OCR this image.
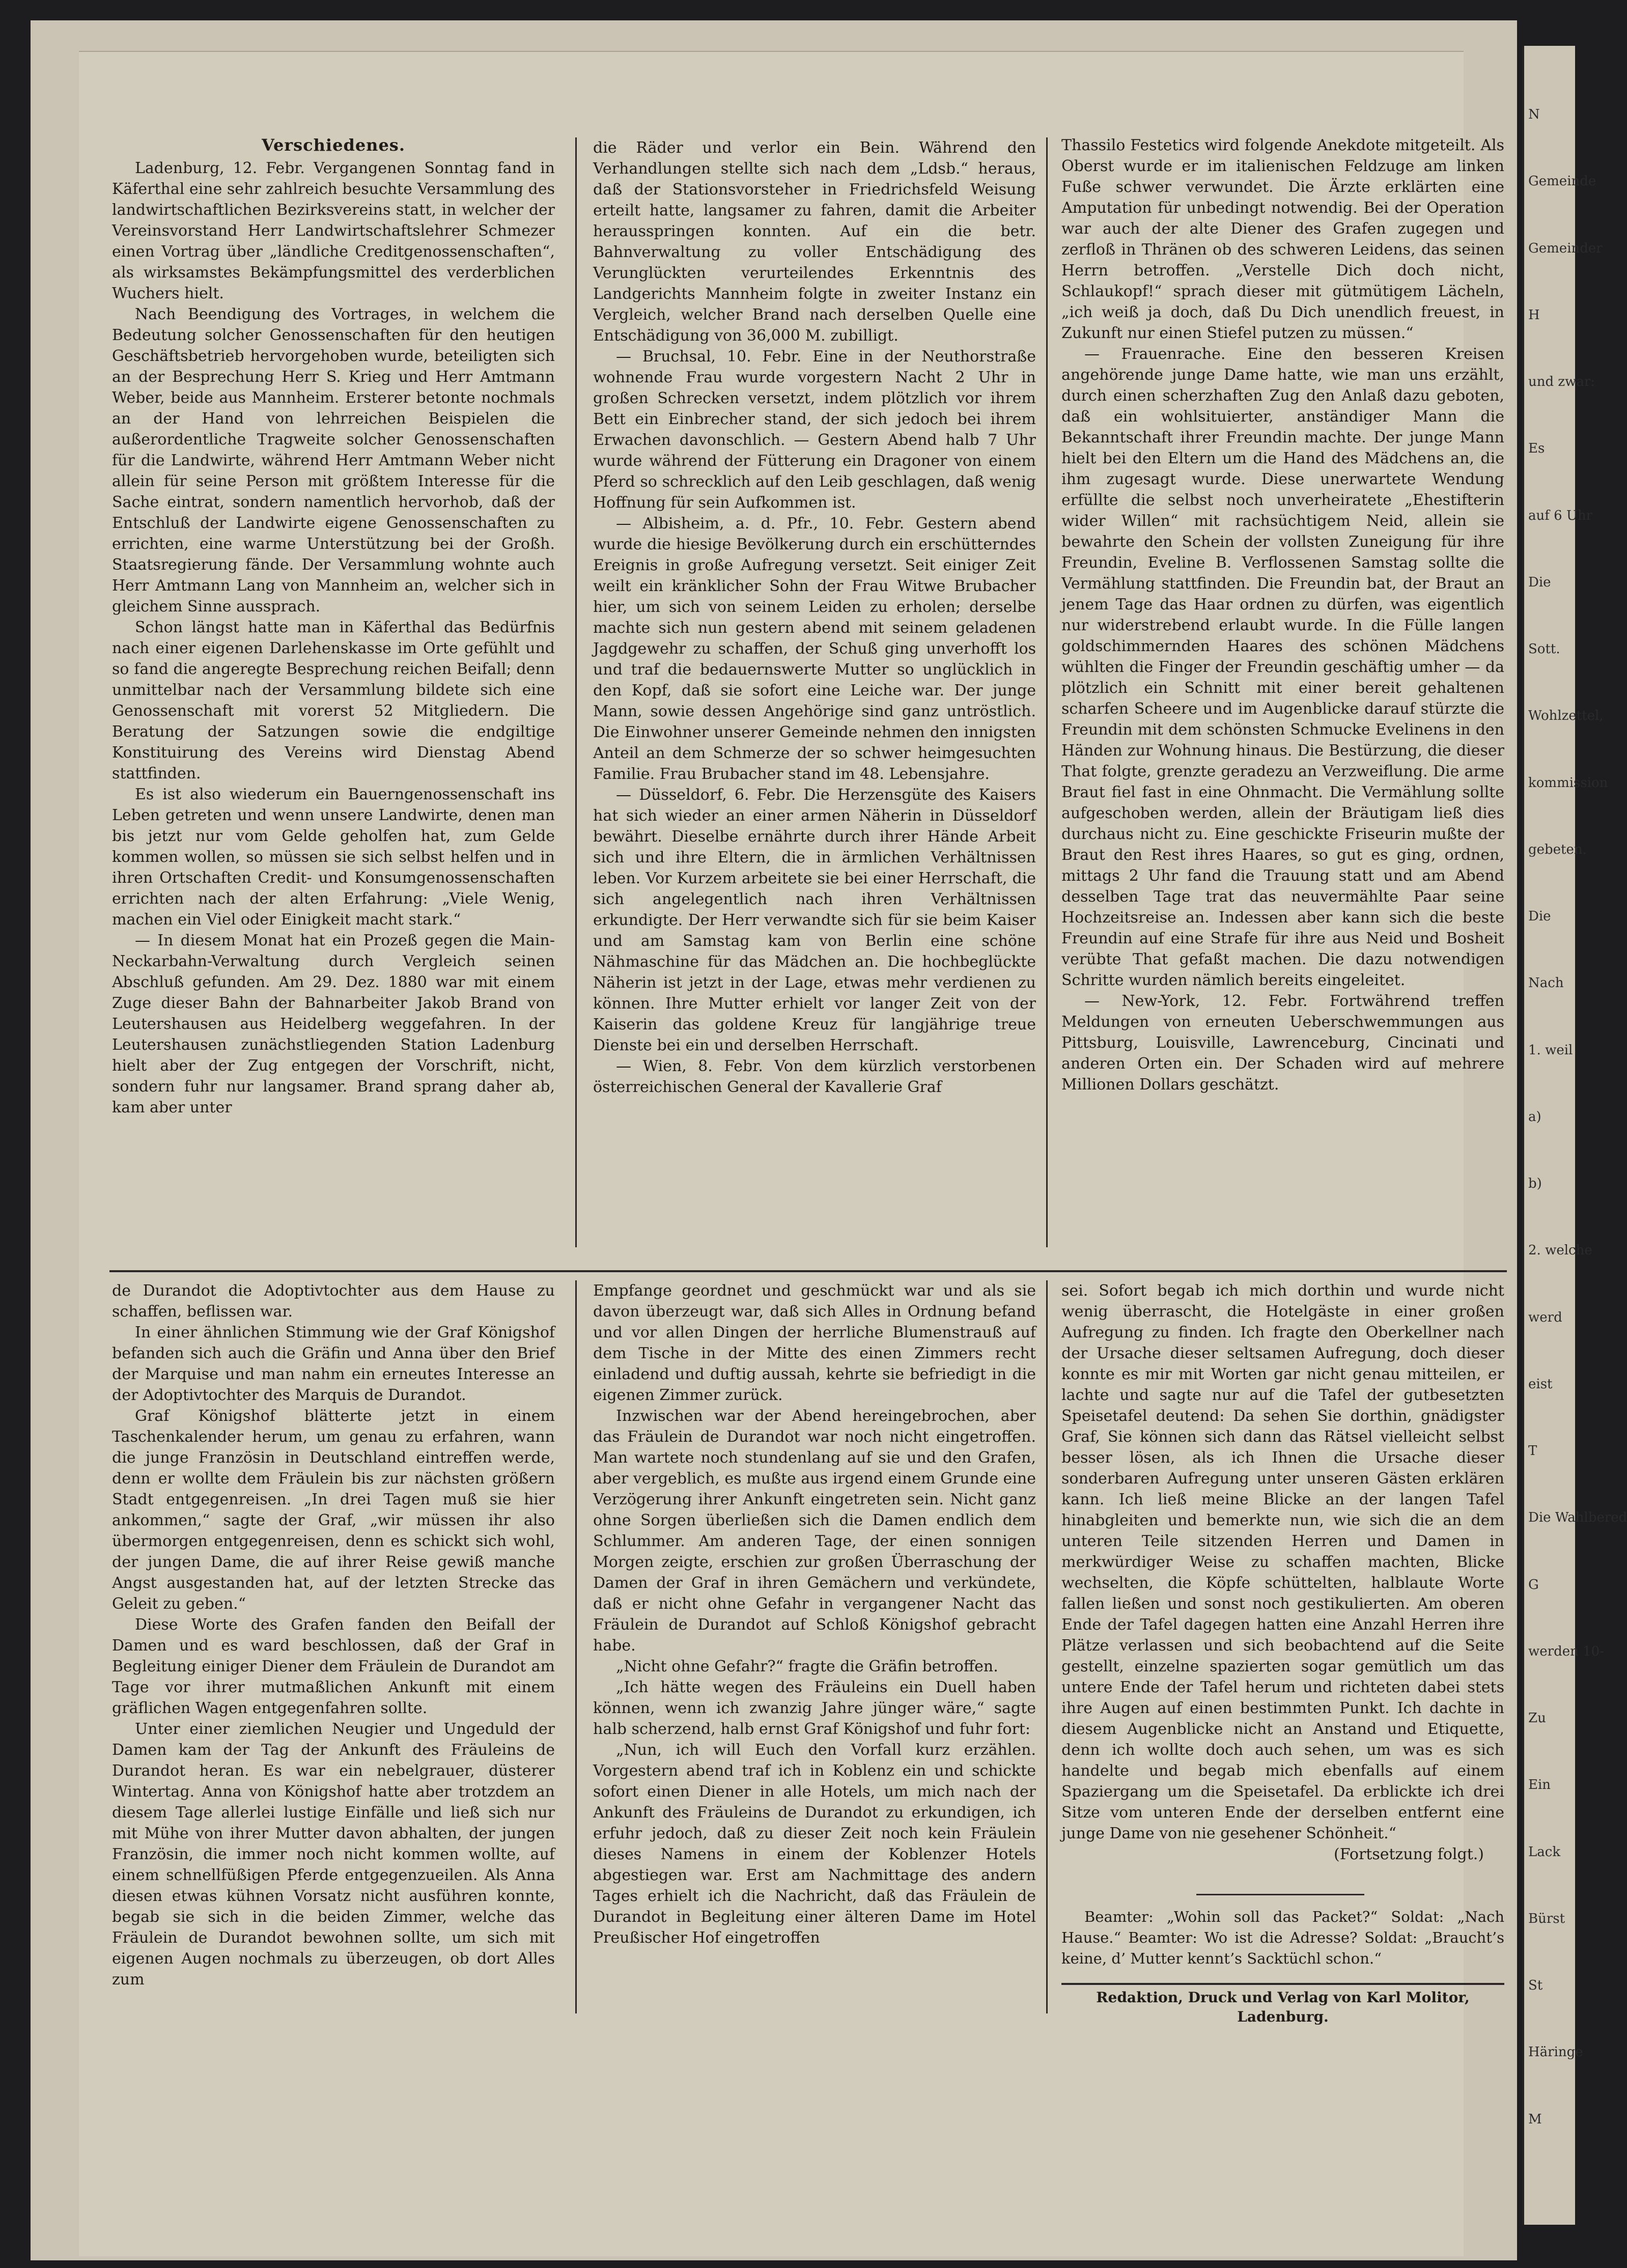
N
Gemeinde
Gemeinder
H
und zwar:
Es
auf 6 Uhr
Die
Sott.
Wohlzettel,
kommission
gebeten.
Die
Nach
1. weil
a)
b)
2. welche
werd
eist
T
Die Wahlbered
G
werden 10-
Zu
Ein
Lack
Bürst
St
Häringe
M
Verschiedenes.

Ladenburg, 12. Febr. Vergangenen Sonntag fand in Käferthal eine sehr zahlreich besuchte Versammlung des landwirtschaftlichen Bezirksvereins statt, in welcher der Vereinsvorstand Herr Landwirtschaftslehrer Schmezer einen Vortrag über „ländliche Creditgenossenschaften“, als wirksamstes Bekämpfungsmittel des verderblichen Wuchers hielt.

Nach Beendigung des Vortrages, in welchem die Bedeutung solcher Genossenschaften für den heutigen Geschäftsbetrieb hervorgehoben wurde, beteiligten sich an der Besprechung Herr S. Krieg und Herr Amtmann Weber, beide aus Mannheim. Ersterer betonte nochmals an der Hand von lehrreichen Beispielen die außerordentliche Tragweite solcher Genossenschaften für die Landwirte, während Herr Amtmann Weber nicht allein für seine Person mit größtem Interesse für die Sache eintrat, sondern namentlich hervorhob, daß der Entschluß der Landwirte eigene Genossenschaften zu errichten, eine warme Unterstützung bei der Großh. Staatsregierung fände. Der Versammlung wohnte auch Herr Amtmann Lang von Mannheim an, welcher sich in gleichem Sinne aussprach.

Schon längst hatte man in Käferthal das Bedürfnis nach einer eigenen Darlehenskasse im Orte gefühlt und so fand die angeregte Besprechung reichen Beifall; denn unmittelbar nach der Versammlung bildete sich eine Genossenschaft mit vorerst 52 Mitgliedern. Die Beratung der Satzungen sowie die endgiltige Konstituirung des Vereins wird Dienstag Abend stattfinden.

Es ist also wiederum ein Bauerngenossenschaft ins Leben getreten und wenn unsere Landwirte, denen man bis jetzt nur vom Gelde geholfen hat, zum Gelde kommen wollen, so müssen sie sich selbst helfen und in ihren Ortschaften Credit- und Konsumgenossenschaften errichten nach der alten Erfahrung: „Viele Wenig, machen ein Viel oder Einigkeit macht stark.“

— In diesem Monat hat ein Prozeß gegen die Main-Neckarbahn-Verwaltung durch Vergleich seinen Abschluß gefunden. Am 29. Dez. 1880 war mit einem Zuge dieser Bahn der Bahnarbeiter Jakob Brand von Leutershausen aus Heidelberg weggefahren. In der Leutershausen zunächstliegenden Station Ladenburg hielt aber der Zug entgegen der Vorschrift, nicht, sondern fuhr nur langsamer. Brand sprang daher ab, kam aber unter

die Räder und verlor ein Bein. Während den Verhandlungen stellte sich nach dem „Ldsb.“ heraus, daß der Stationsvorsteher in Friedrichsfeld Weisung erteilt hatte, langsamer zu fahren, damit die Arbeiter herausspringen konnten. Auf ein die betr. Bahnverwaltung zu voller Entschädigung des Verunglückten verurteilendes Erkenntnis des Landgerichts Mannheim folgte in zweiter Instanz ein Vergleich, welcher Brand nach derselben Quelle eine Entschädigung von 36,000 M. zubilligt.

— Bruchsal, 10. Febr. Eine in der Neuthorstraße wohnende Frau wurde vorgestern Nacht 2 Uhr in großen Schrecken versetzt, indem plötzlich vor ihrem Bett ein Einbrecher stand, der sich jedoch bei ihrem Erwachen davonschlich. — Gestern Abend halb 7 Uhr wurde während der Fütterung ein Dragoner von einem Pferd so schrecklich auf den Leib geschlagen, daß wenig Hoffnung für sein Aufkommen ist.

— Albisheim, a. d. Pfr., 10. Febr. Gestern abend wurde die hiesige Bevölkerung durch ein erschütterndes Ereignis in große Aufregung versetzt. Seit einiger Zeit weilt ein kränklicher Sohn der Frau Witwe Brubacher hier, um sich von seinem Leiden zu erholen; derselbe machte sich nun gestern abend mit seinem geladenen Jagdgewehr zu schaffen, der Schuß ging unverhofft los und traf die bedauernswerte Mutter so unglücklich in den Kopf, daß sie sofort eine Leiche war. Der junge Mann, sowie dessen Angehörige sind ganz untröstlich. Die Einwohner unserer Gemeinde nehmen den innigsten Anteil an dem Schmerze der so schwer heimgesuchten Familie. Frau Brubacher stand im 48. Lebensjahre.

— Düsseldorf, 6. Febr. Die Herzensgüte des Kaisers hat sich wieder an einer armen Näherin in Düsseldorf bewährt. Dieselbe ernährte durch ihrer Hände Arbeit sich und ihre Eltern, die in ärmlichen Verhältnissen leben. Vor Kurzem arbeitete sie bei einer Herrschaft, die sich angelegentlich nach ihren Verhältnissen erkundigte. Der Herr verwandte sich für sie beim Kaiser und am Samstag kam von Berlin eine schöne Nähmaschine für das Mädchen an. Die hochbeglückte Näherin ist jetzt in der Lage, etwas mehr verdienen zu können. Ihre Mutter erhielt vor langer Zeit von der Kaiserin das goldene Kreuz für langjährige treue Dienste bei ein und derselben Herrschaft.

— Wien, 8. Febr. Von dem kürzlich verstorbenen österreichischen General der Kavallerie Graf

Thassilo Festetics wird folgende Anekdote mitgeteilt. Als Oberst wurde er im italienischen Feldzuge am linken Fuße schwer verwundet. Die Ärzte erklärten eine Amputation für unbedingt notwendig. Bei der Operation war auch der alte Diener des Grafen zugegen und zerfloß in Thränen ob des schweren Leidens, das seinen Herrn betroffen. „Verstelle Dich doch nicht, Schlaukopf!“ sprach dieser mit gütmütigem Lächeln, „ich weiß ja doch, daß Du Dich unendlich freuest, in Zukunft nur einen Stiefel putzen zu müssen.“

— Frauenrache. Eine den besseren Kreisen angehörende junge Dame hatte, wie man uns erzählt, durch einen scherzhaften Zug den Anlaß dazu geboten, daß ein wohlsituierter, anständiger Mann die Bekanntschaft ihrer Freundin machte. Der junge Mann hielt bei den Eltern um die Hand des Mädchens an, die ihm zugesagt wurde. Diese unerwartete Wendung erfüllte die selbst noch unverheiratete „Ehestifterin wider Willen“ mit rachsüchtigem Neid, allein sie bewahrte den Schein der vollsten Zuneigung für ihre Freundin, Eveline B. Verflossenen Samstag sollte die Vermählung stattfinden. Die Freundin bat, der Braut an jenem Tage das Haar ordnen zu dürfen, was eigentlich nur widerstrebend erlaubt wurde. In die Fülle langen goldschimmernden Haares des schönen Mädchens wühlten die Finger der Freundin geschäftig umher — da plötzlich ein Schnitt mit einer bereit gehaltenen scharfen Scheere und im Augenblicke darauf stürzte die Freundin mit dem schönsten Schmucke Evelinens in den Händen zur Wohnung hinaus. Die Bestürzung, die dieser That folgte, grenzte geradezu an Verzweiflung. Die arme Braut fiel fast in eine Ohnmacht. Die Vermählung sollte aufgeschoben werden, allein der Bräutigam ließ dies durchaus nicht zu. Eine geschickte Friseurin mußte der Braut den Rest ihres Haares, so gut es ging, ordnen, mittags 2 Uhr fand die Trauung statt und am Abend desselben Tage trat das neuvermählte Paar seine Hochzeitsreise an. Indessen aber kann sich die beste Freundin auf eine Strafe für ihre aus Neid und Bosheit verübte That gefaßt machen. Die dazu notwendigen Schritte wurden nämlich bereits eingeleitet.

— New-York, 12. Febr. Fortwährend treffen Meldungen von erneuten Ueberschwemmungen aus Pittsburg, Louisville, Lawrenceburg, Cincinati und anderen Orten ein. Der Schaden wird auf mehrere Millionen Dollars geschätzt.

de Durandot die Adoptivtochter aus dem Hause zu schaffen, beflissen war.

In einer ähnlichen Stimmung wie der Graf Königshof befanden sich auch die Gräfin und Anna über den Brief der Marquise und man nahm ein erneutes Interesse an der Adoptivtochter des Marquis de Durandot.

Graf Königshof blätterte jetzt in einem Taschenkalender herum, um genau zu erfahren, wann die junge Französin in Deutschland eintreffen werde, denn er wollte dem Fräulein bis zur nächsten größern Stadt entgegenreisen. „In drei Tagen muß sie hier ankommen,“ sagte der Graf, „wir müssen ihr also übermorgen entgegenreisen, denn es schickt sich wohl, der jungen Dame, die auf ihrer Reise gewiß manche Angst ausgestanden hat, auf der letzten Strecke das Geleit zu geben.“

Diese Worte des Grafen fanden den Beifall der Damen und es ward beschlossen, daß der Graf in Begleitung einiger Diener dem Fräulein de Durandot am Tage vor ihrer mutmaßlichen Ankunft mit einem gräflichen Wagen entgegenfahren sollte.

Unter einer ziemlichen Neugier und Ungeduld der Damen kam der Tag der Ankunft des Fräuleins de Durandot heran. Es war ein nebelgrauer, düsterer Wintertag. Anna von Königshof hatte aber trotzdem an diesem Tage allerlei lustige Einfälle und ließ sich nur mit Mühe von ihrer Mutter davon abhalten, der jungen Französin, die immer noch nicht kommen wollte, auf einem schnellfüßigen Pferde entgegenzueilen. Als Anna diesen etwas kühnen Vorsatz nicht ausführen konnte, begab sie sich in die beiden Zimmer, welche das Fräulein de Durandot bewohnen sollte, um sich mit eigenen Augen nochmals zu überzeugen, ob dort Alles zum

Empfange geordnet und geschmückt war und als sie davon überzeugt war, daß sich Alles in Ordnung befand und vor allen Dingen der herrliche Blumenstrauß auf dem Tische in der Mitte des einen Zimmers recht einladend und duftig aussah, kehrte sie befriedigt in die eigenen Zimmer zurück.

Inzwischen war der Abend hereingebrochen, aber das Fräulein de Durandot war noch nicht eingetroffen. Man wartete noch stundenlang auf sie und den Grafen, aber vergeblich, es mußte aus irgend einem Grunde eine Verzögerung ihrer Ankunft eingetreten sein. Nicht ganz ohne Sorgen überließen sich die Damen endlich dem Schlummer. Am anderen Tage, der einen sonnigen Morgen zeigte, erschien zur großen Überraschung der Damen der Graf in ihren Gemächern und verkündete, daß er nicht ohne Gefahr in vergangener Nacht das Fräulein de Durandot auf Schloß Königshof gebracht habe.

„Nicht ohne Gefahr?“ fragte die Gräfin betroffen.

„Ich hätte wegen des Fräuleins ein Duell haben können, wenn ich zwanzig Jahre jünger wäre,“ sagte halb scherzend, halb ernst Graf Königshof und fuhr fort:

„Nun, ich will Euch den Vorfall kurz erzählen. Vorgestern abend traf ich in Koblenz ein und schickte sofort einen Diener in alle Hotels, um mich nach der Ankunft des Fräuleins de Durandot zu erkundigen, ich erfuhr jedoch, daß zu dieser Zeit noch kein Fräulein dieses Namens in einem der Koblenzer Hotels abgestiegen war. Erst am Nachmittage des andern Tages erhielt ich die Nachricht, daß das Fräulein de Durandot in Begleitung einer älteren Dame im Hotel Preußischer Hof eingetroffen

sei. Sofort begab ich mich dorthin und wurde nicht wenig überrascht, die Hotelgäste in einer großen Aufregung zu finden. Ich fragte den Oberkellner nach der Ursache dieser seltsamen Aufregung, doch dieser konnte es mir mit Worten gar nicht genau mitteilen, er lachte und sagte nur auf die Tafel der gutbesetzten Speisetafel deutend: Da sehen Sie dorthin, gnädigster Graf, Sie können sich dann das Rätsel vielleicht selbst besser lösen, als ich Ihnen die Ursache dieser sonderbaren Aufregung unter unseren Gästen erklären kann. Ich ließ meine Blicke an der langen Tafel hinabgleiten und bemerkte nun, wie sich die an dem unteren Teile sitzenden Herren und Damen in merkwürdiger Weise zu schaffen machten, Blicke wechselten, die Köpfe schüttelten, halblaute Worte fallen ließen und sonst noch gestikulierten. Am oberen Ende der Tafel dagegen hatten eine Anzahl Herren ihre Plätze verlassen und sich beobachtend auf die Seite gestellt, einzelne spazierten sogar gemütlich um das untere Ende der Tafel herum und richteten dabei stets ihre Augen auf einen bestimmten Punkt. Ich dachte in diesem Augenblicke nicht an Anstand und Etiquette, denn ich wollte doch auch sehen, um was es sich handelte und begab mich ebenfalls auf einem Spaziergang um die Speisetafel. Da erblickte ich drei Sitze vom unteren Ende der derselben entfernt eine junge Dame von nie gesehener Schönheit.“

(Fortsetzung folgt.)

Beamter: „Wohin soll das Packet?“ Soldat: „Nach Hause.“ Beamter: Wo ist die Adresse? Soldat: „Braucht’s keine, d’ Mutter kennt’s Sacktüchl schon.“
Redaktion, Druck und Verlag von Karl Molitor, Ladenburg.
